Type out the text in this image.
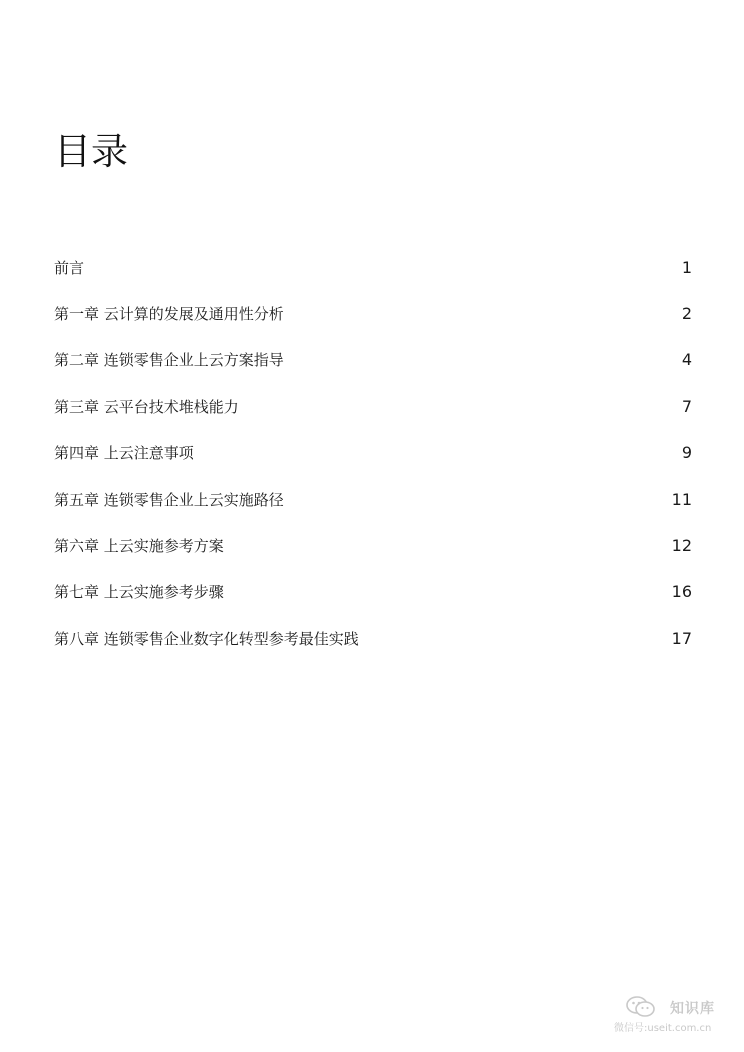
目录
前言	1
第一章 云计算的发展及通用性分析	2
第二章 连锁零售企业上云方案指导	4
第三章 云平台技术堆栈能力	7
第四章 上云注意事项	9
第五章 连锁零售企业上云实施路径	11
第六章 上云实施参考方案	12
第七章 上云实施参考步骤	16
第八章 连锁零售企业数字化转型参考最佳实践	17
知识库
微信号:useit.com.cn
